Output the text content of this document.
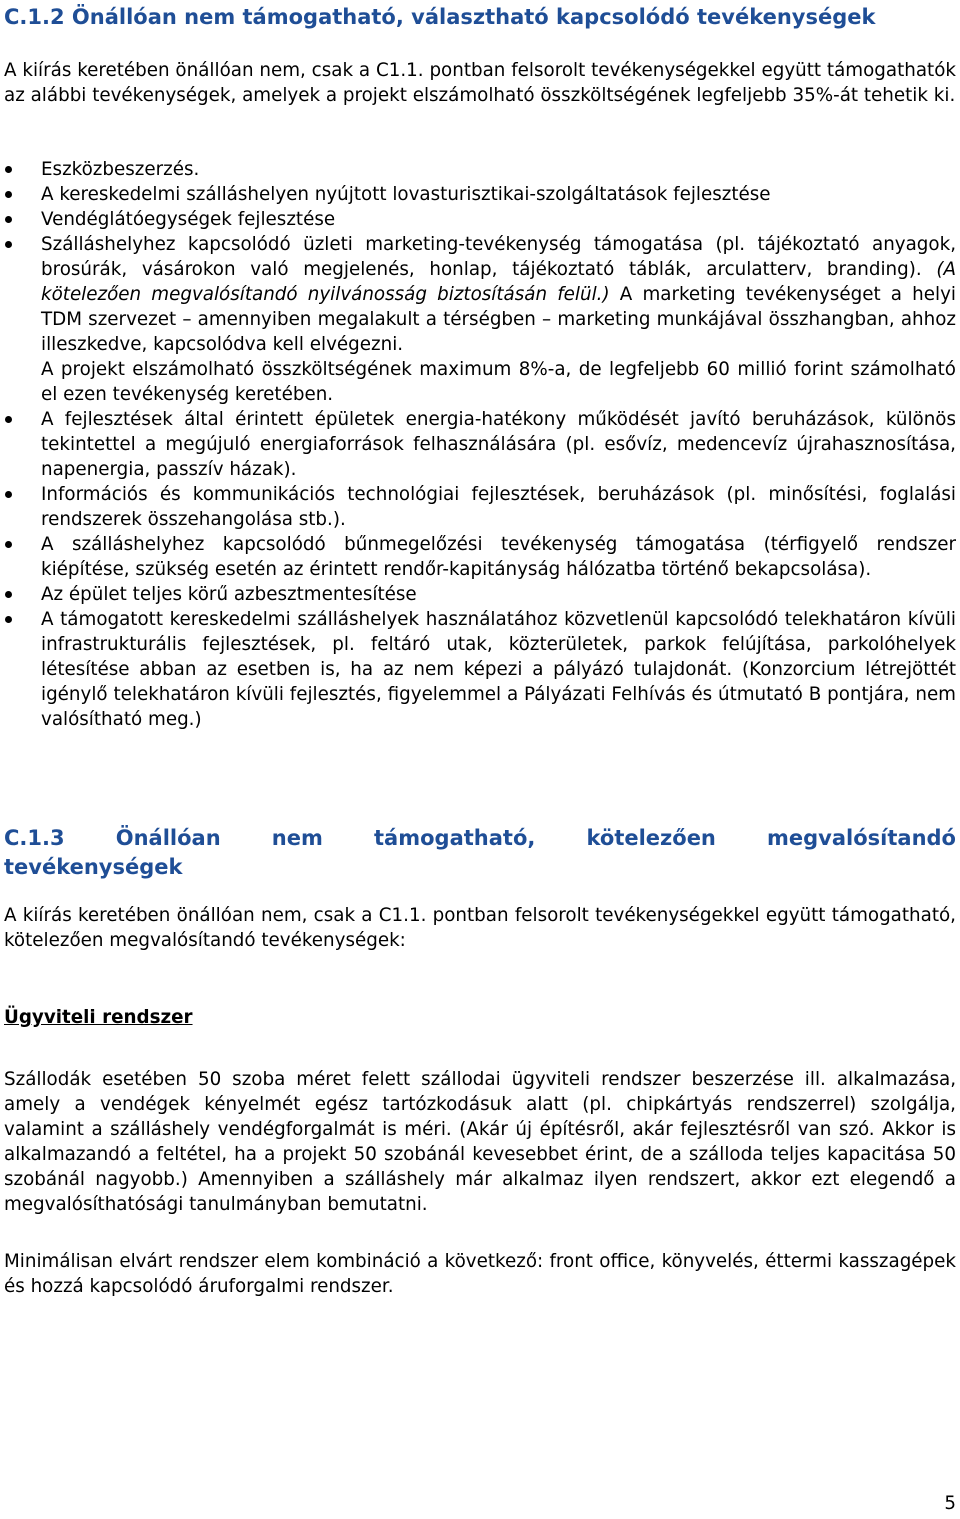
C.1.2 Önállóan nem támogatható, választható kapcsolódó tevékenységek

A kiírás keretében önállóan nem, csak a C1.1. pontban felsorolt tevékenységekkel együtt támogathatók az alábbi tevékenységek, amelyek a projekt elszámolható összköltségének legfeljebb 35%-át tehetik ki.

Eszközbeszerzés.
A kereskedelmi szálláshelyen nyújtott lovasturisztikai-szolgáltatások fejlesztése
Vendéglátóegységek fejlesztése
Szálláshelyhez kapcsolódó üzleti marketing-tevékenység támogatása (pl. tájékoztató anyagok, brosúrák, vásárokon való megjelenés, honlap, tájékoztató táblák, arculatterv, branding). (A kötelezően megvalósítandó nyilvánosság biztosításán felül.) A marketing tevékenységet a helyi TDM szervezet – amennyiben megalakult a térségben – marketing munkájával összhangban, ahhoz illeszkedve, kapcsolódva kell elvégezni.
A projekt elszámolható összköltségének maximum 8%-a, de legfeljebb 60 millió forint számolható el ezen tevékenység keretében.
A fejlesztések által érintett épületek energia-hatékony működését javító beruházások, különös tekintettel a megújuló energiaforrások felhasználására (pl. esővíz, medencevíz újrahasznosítása, napenergia, passzív házak).
Információs és kommunikációs technológiai fejlesztések, beruházások (pl. minősítési, foglalási rendszerek összehangolása stb.).
A szálláshelyhez kapcsolódó bűnmegelőzési tevékenység támogatása (térfigyelő rendszer kiépítése, szükség esetén az érintett rendőr-kapitányság hálózatba történő bekapcsolása).
Az épület teljes körű azbesztmentesítése
A támogatott kereskedelmi szálláshelyek használatához közvetlenül kapcsolódó telekhatáron kívüli infrastrukturális fejlesztések, pl. feltáró utak, közterületek, parkok felújítása, parkolóhelyek létesítése abban az esetben is, ha az nem képezi a pályázó tulajdonát. (Konzorcium létrejöttét igénylő telekhatáron kívüli fejlesztés, figyelemmel a Pályázati Felhívás és útmutató B pontjára, nem valósítható meg.)
C.1.3 Önállóan nem támogatható, kötelezően megvalósítandó
tevékenységek

A kiírás keretében önállóan nem, csak a C1.1. pontban felsorolt tevékenységekkel együtt támogatható, kötelezően megvalósítandó tevékenységek:

Ügyviteli rendszer

Szállodák esetében 50 szoba méret felett szállodai ügyviteli rendszer beszerzése ill. alkalmazása, amely a vendégek kényelmét egész tartózkodásuk alatt (pl. chipkártyás rendszerrel) szolgálja, valamint a szálláshely vendégforgalmát is méri. (Akár új építésről, akár fejlesztésről van szó. Akkor is alkalmazandó a feltétel, ha a projekt 50 szobánál kevesebbet érint, de a szálloda teljes kapacitása 50 szobánál nagyobb.) Amennyiben a szálláshely már alkalmaz ilyen rendszert, akkor ezt elegendő a megvalósíthatósági tanulmányban bemutatni.

Minimálisan elvárt rendszer elem kombináció a következő: front office, könyvelés, éttermi kasszagépek és hozzá kapcsolódó áruforgalmi rendszer.

5
